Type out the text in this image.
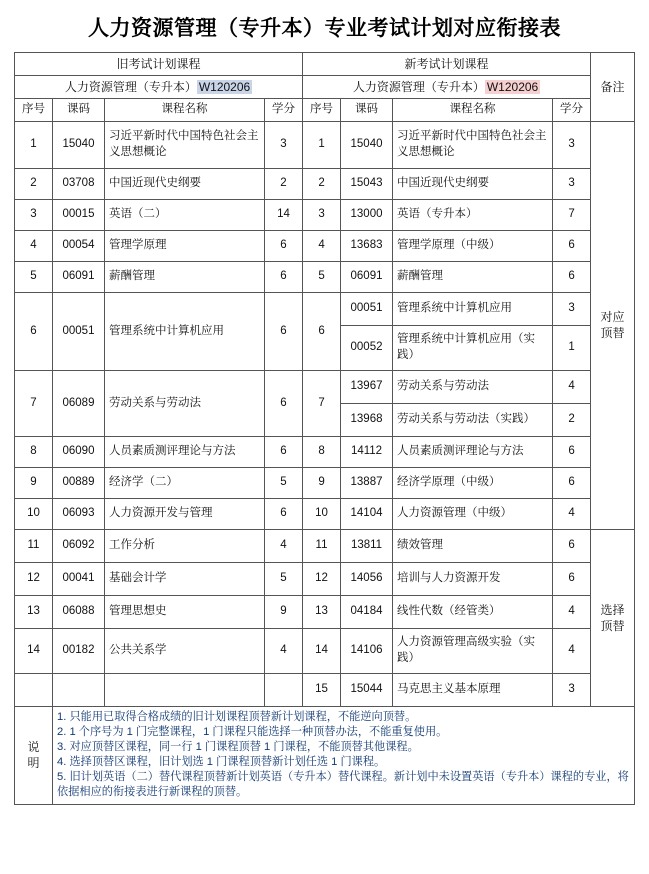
人力资源管理（专升本）专业考试计划对应衔接表
旧考试计划课程				新考试计划课程				备注
人力资源管理（专升本） W120206				人力资源管理（专升本） W120206				
序号	课码	课程名称	学分	序号	课码	课程名称	学分	
1	15040	习近平新时代中国特色社会主义思想概论	3	1	15040	习近平新时代中国特色社会主义思想概论	3	对应顶替
2	03708	中国近现代史纲要	2	2	15043	中国近现代史纲要	3	
3	00015	英语（二）	14	3	13000	英语（专升本）	7	
4	00054	管理学原理	6	4	13683	管理学原理（中级）	6	
5	06091	薪酬管理	6	5	06091	薪酬管理	6	
6	00051	管理系统中计算机应用	6	6	00051	管理系统中计算机应用	3	
					00052	管理系统中计算机应用（实践）	1	
7	06089	劳动关系与劳动法	6	7	13967	劳动关系与劳动法	4	
					13968	劳动关系与劳动法（实践）	2	
8	06090	人员素质测评理论与方法	6	8	14112	人员素质测评理论与方法	6	
9	00889	经济学（二）	5	9	13887	经济学原理（中级）	6	
10	06093	人力资源开发与管理	6	10	14104	人力资源管理（中级）	4	
11	06092	工作分析	4	11	13811	绩效管理	6	选择顶替
12	00041	基础会计学	5	12	14056	培训与人力资源开发	6	
13	06088	管理思想史	9	13	04184	线性代数（经管类）	4	
14	00182	公共关系学	4	14	14106	人力资源管理高级实验（实践）	4	
				15	15044	马克思主义基本原理	3	

说
明

1. 只能用已取得合格成绩的旧计划课程顶替新计划课程，不能逆向顶替。
2. 1 个序号为 1 门完整课程，1 门课程只能选择一种顶替办法，不能重复使用。
3. 对应顶替区课程，同一行 1 门课程顶替 1 门课程，不能顶替其他课程。
4. 选择顶替区课程，旧计划选 1 门课程顶替新计划任选 1 门课程。
5. 旧计划英语（二）替代课程顶替新计划英语（专升本）替代课程。新计划中未设置英语（专升本）课程的专业，将依据相应的衔接表进行新课程的顶替。
